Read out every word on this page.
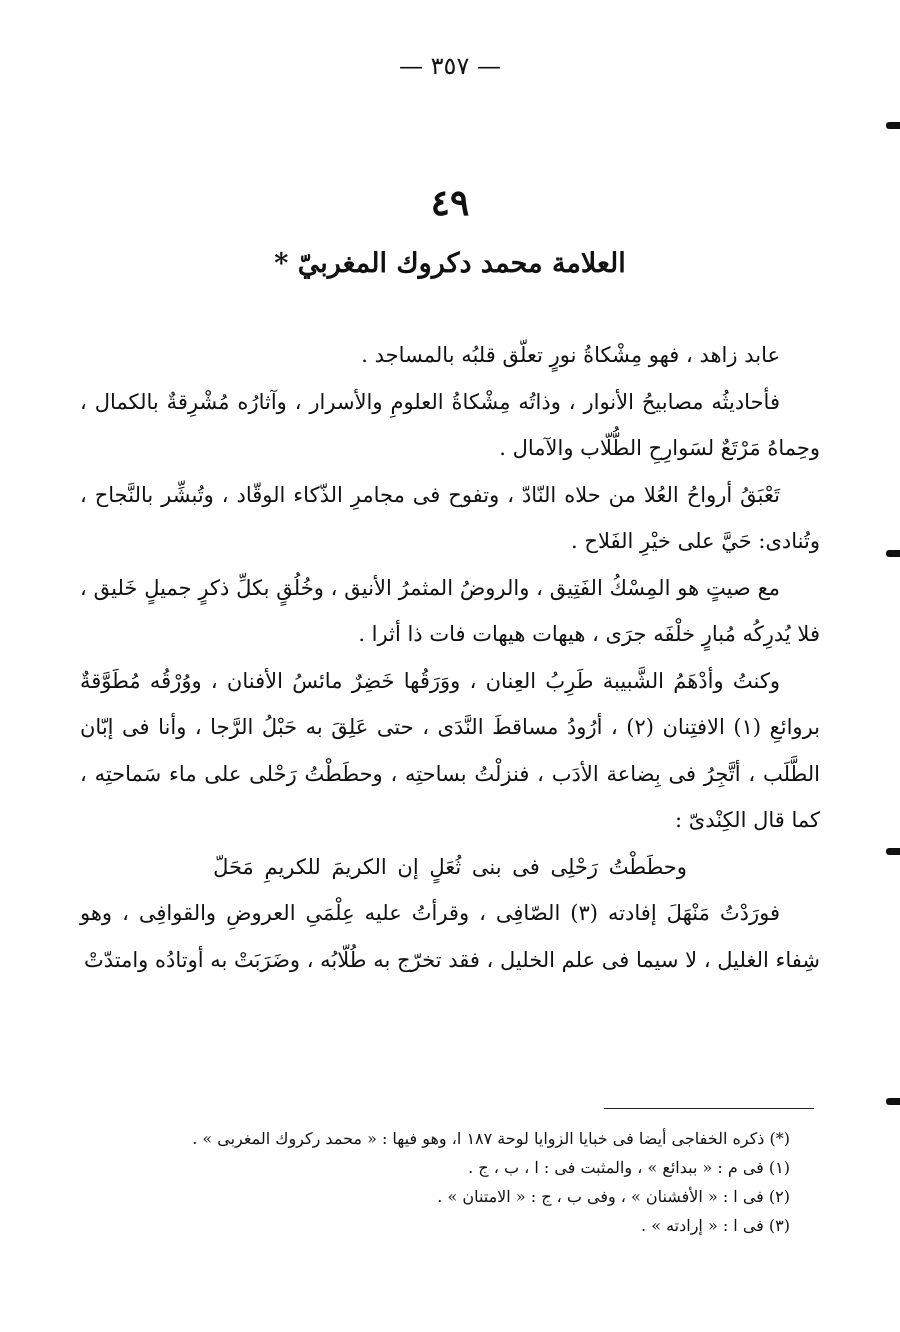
— ٣٥٧ —
٤٩
العلامة محمد دكروك المغربيّ *

عابد زاهد ، فهو مِشْكاةُ نورٍ تعلّق قلبُه بالمساجد .

فأحاديثُه مصابيحُ الأنوار ، وذاتُه مِشْكاةُ العلومِ والأسرار ، وآثارُه مُشْرِقةٌ بالكمال ، وحِماهُ مَرْتَعٌ لسَوارِحِ الطُّلّاب والآمال .

تَعْبَقُ أرواحُ العُلا من حلاه النّادّ ، وتفوح فى مجامرِ الذّكاء الوقّاد ، وتُبشِّر بالنَّجاح ، وتُنادى: حَيَّ على خيْرِ الفَلاح .

مع صيتٍ هو المِسْكُ الفَتِيق ، والروضُ المثمرُ الأنيق ، وخُلُقٍ بكلِّ ذكرٍ جميلٍ خَليق ، فلا يُدرِكُه مُبارٍ خلْفَه جرَى ، هيهات هيهات فات ذا أثرا .

وكنتُ وأدْهَمُ الشَّبيبة طَرِبُ العِنان ، ووَرَقُها خَضِرٌ مائسُ الأفنان ، ووُرْقُه مُطَوَّقةٌ بروائعِ (١) الافتِنان (٢) ، أرُودُ مساقطَ النَّدَى ، حتى عَلِقَ به حَبْلُ الرَّجا ، وأنا فى إبّان الطَّلَب ، أتَّجِرُ فى بِضاعة الأدَب ، فنزلْتُ بساحتِه ، وحطَطْتُ رَحْلى على ماء سَماحتِه ، كما قال الكِنْدىّ :

وحطَطْتُ رَحْلِى فى بنى ثُعَلٍ إن الكريمَ للكريمِ مَحَلّ

فورَدْتُ مَنْهَلَ إفادته (٣) الصّافِى ، وقرأتُ عليه عِلْمَىِ العروضِ والقوافِى ، وهو شِفاء الغليل ، لا سيما فى علم الخليل ، فقد تخرّج به طُلّابُه ، وضَرَبَتْ به أوتادُه وامتدّتْ

(*) ذكره الخفاجى أيضا فى خبايا الزوايا لوحة ١٨٧ ا، وهو فيها : « محمد ركروك المغربى » .

(١) فى م : « ببدائع » ، والمثبت فى : ا ، ب ، ج .

(٢) فى ا : « الأفشنان » ، وفى ب ، ج : « الامتنان » .

(٣) فى ا : « إرادته » .
